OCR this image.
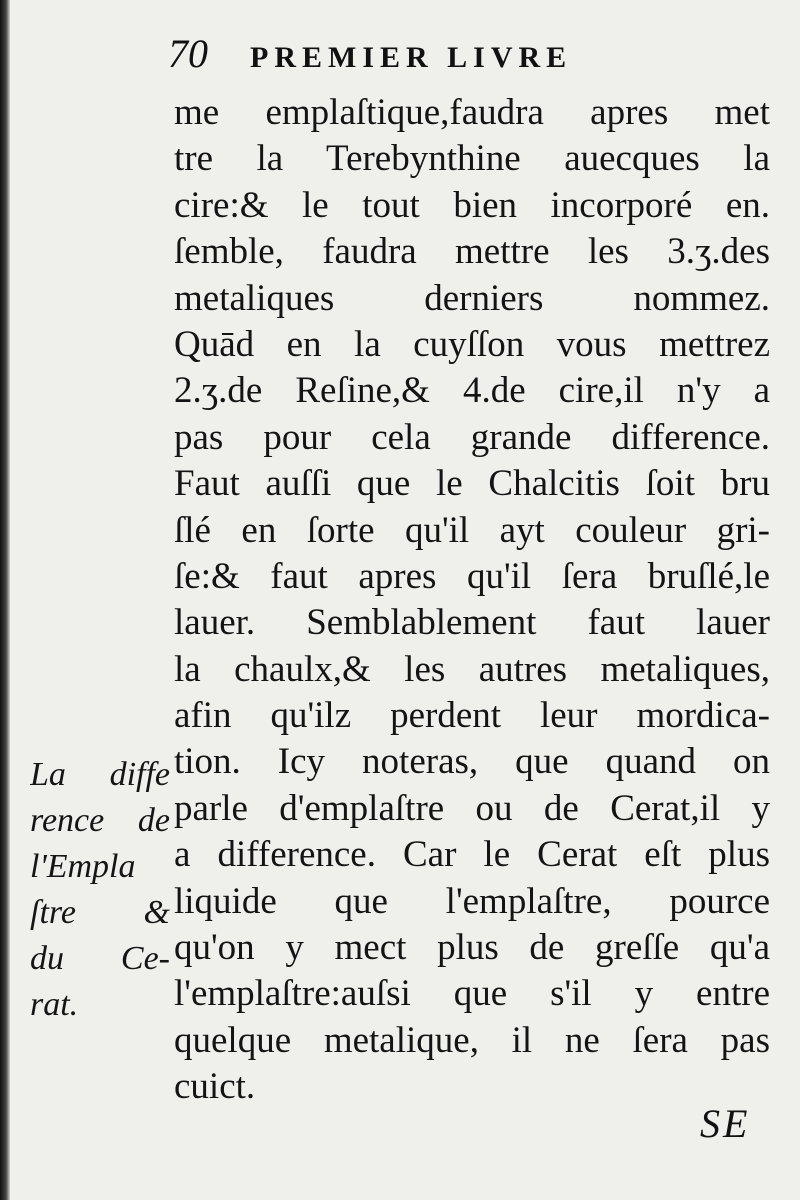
70 PREMIER LIVRE
me emplaſtique,faudra apres met
tre la Terebynthine auecques la
cire:& le tout bien incorporé en.
ſemble, faudra mettre les 3.ʒ.des
metaliques derniers nommez.
Quād en la cuyſſon vous mettrez
2.ʒ.de Reſine,& 4.de cire,il n'y a
pas pour cela grande difference.
Faut auſſi que le Chalcitis ſoit bru
ſlé en ſorte qu'il ayt couleur gri-
ſe:& faut apres qu'il ſera bruſlé,le
lauer. Semblablement faut lauer
la chaulx,& les autres metaliques,
afin qu'ilz perdent leur mordica-
tion. Icy noteras, que quand on
parle d'emplaſtre ou de Cerat,il y
a difference. Car le Cerat eſt plus
liquide que l'emplaſtre, pource
qu'on y mect plus de greſſe qu'a
l'emplaſtre:auſsi que s'il y entre
quelque metalique, il ne ſera pas
cuict.
La diffe
rence de
l'Empla
ſtre &
du Ce-
rat.
SE
